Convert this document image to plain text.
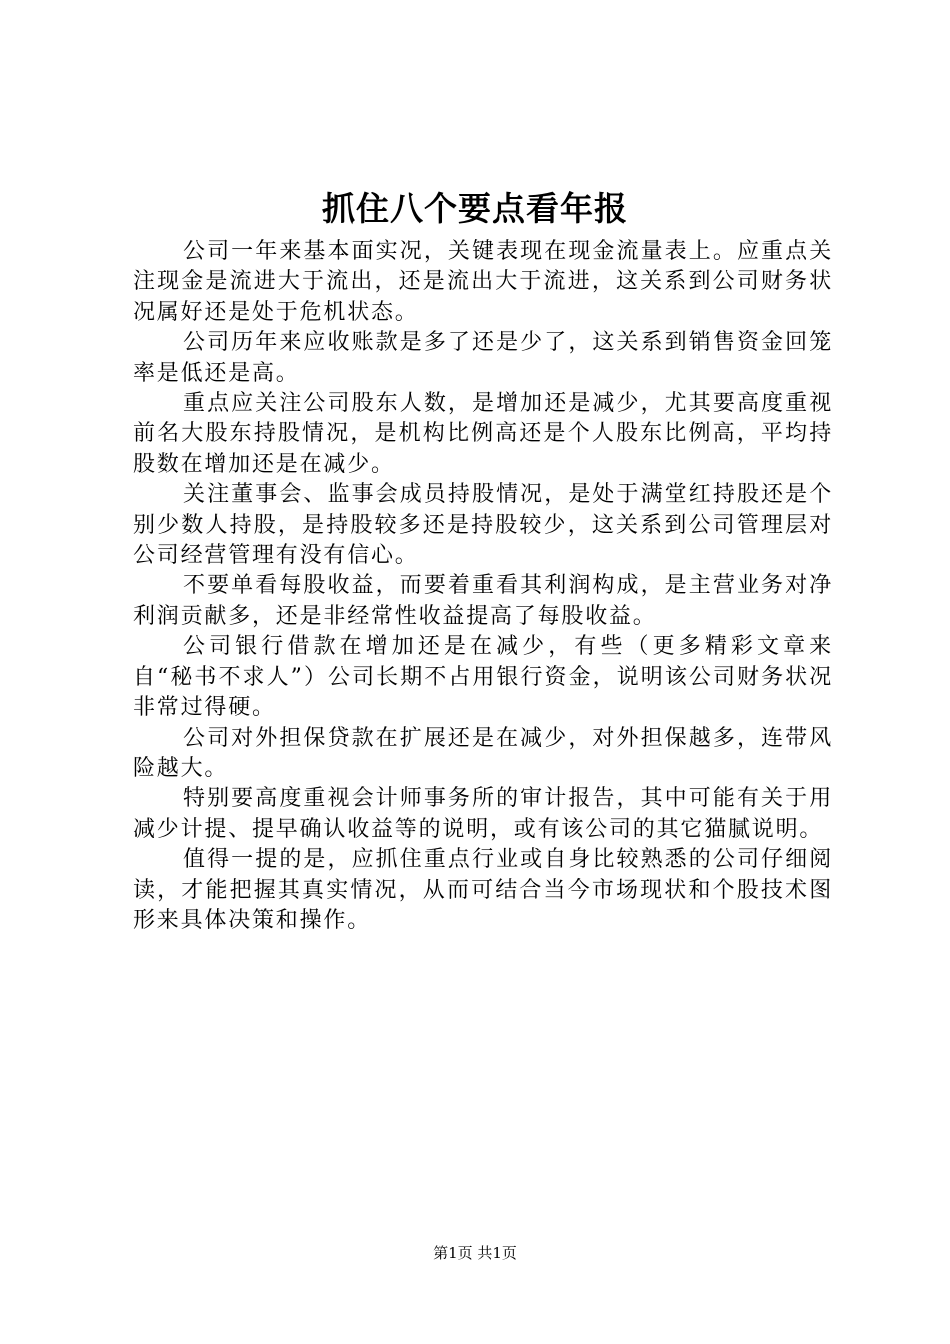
抓住八个要点看年报

公司一年来基本面实况，关键表现在现金流量表上。应重点关注现金是流进大于流出，还是流出大于流进，这关系到公司财务状况属好还是处于危机状态。

公司历年来应收账款是多了还是少了，这关系到销售资金回笼率是低还是高。

重点应关注公司股东人数，是增加还是减少，尤其要高度重视前名大股东持股情况，是机构比例高还是个人股东比例高，平均持股数在增加还是在减少。

关注董事会、监事会成员持股情况，是处于满堂红持股还是个别少数人持股，是持股较多还是持股较少，这关系到公司管理层对公司经营管理有没有信心。

不要单看每股收益，而要着重看其利润构成，是主营业务对净利润贡献多，还是非经常性收益提高了每股收益。

公司银行借款在增加还是在减少，有些（更多精彩文章来自“秘书不求人”）公司长期不占用银行资金，说明该公司财务状况非常过得硬。

公司对外担保贷款在扩展还是在减少，对外担保越多，连带风险越大。

特别要高度重视会计师事务所的审计报告，其中可能有关于用减少计提、提早确认收益等的说明，或有该公司的其它猫腻说明。

值得一提的是，应抓住重点行业或自身比较熟悉的公司仔细阅读，才能把握其真实情况，从而可结合当今市场现状和个股技术图形来具体决策和操作。

第1页 共1页
